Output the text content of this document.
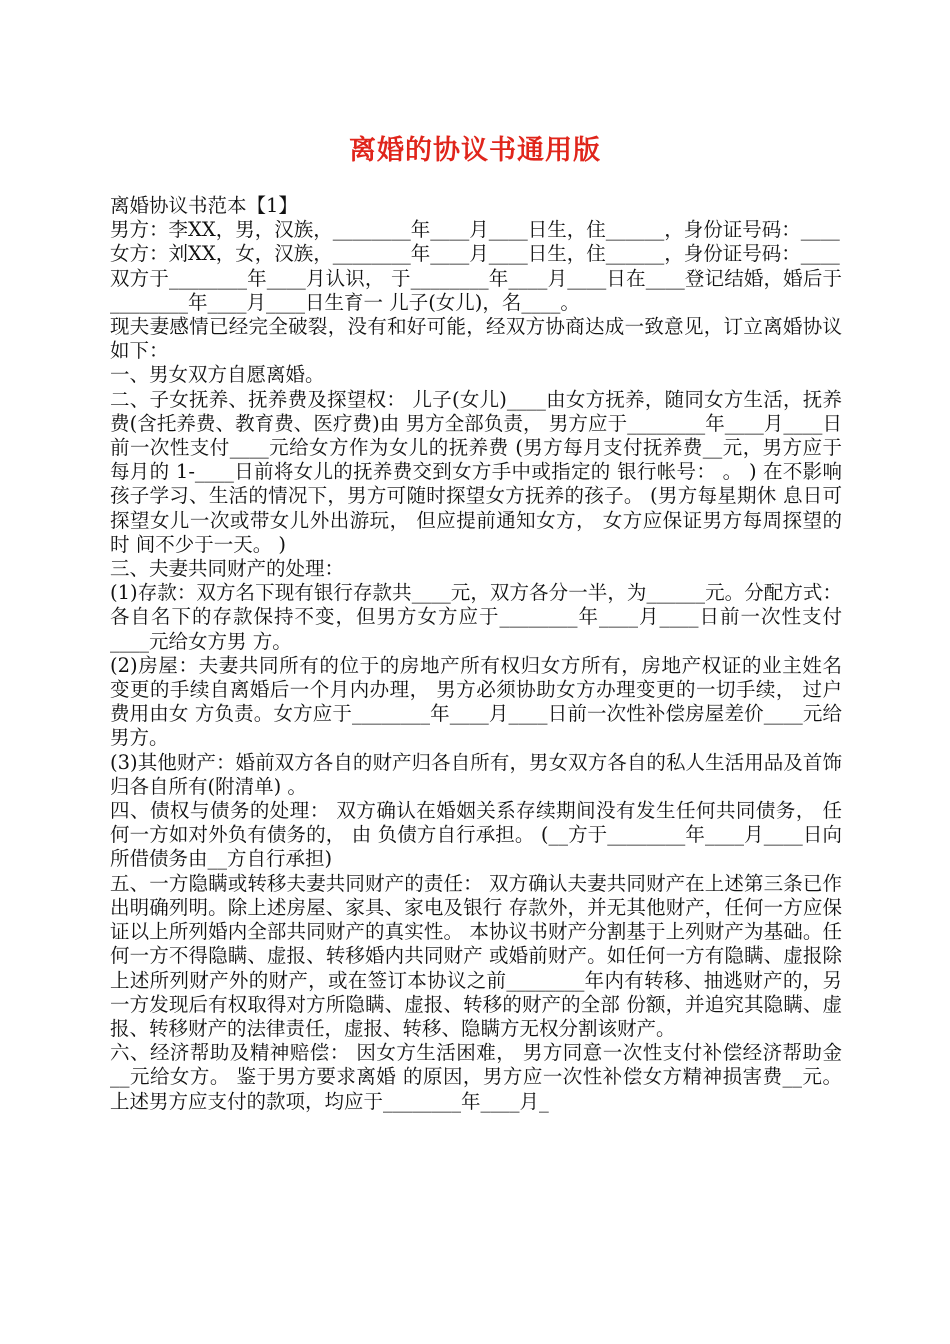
离婚的协议书通用版

离婚协议书范本【1】

男方：李XX，男，汉族，________年____月____日生，住______，身份证号码：____

女方：刘XX，女，汉族，________年____月____日生，住______，身份证号码：____

双方于________年____月认识， 于________年____月____日在____登记结婚，婚后于________年____月____日生育一 儿子(女儿)，名____。

现夫妻感情已经完全破裂，没有和好可能，经双方协商达成一致意见，订立离婚协议如下：

一、男女双方自愿离婚。

二、子女抚养、抚养费及探望权： 儿子(女儿)____由女方抚养，随同女方生活，抚养费(含托养费、教育费、医疗费)由 男方全部负责， 男方应于________年____月____日前一次性支付____元给女方作为女儿的抚养费 (男方每月支付抚养费__元，男方应于每月的 1-____日前将女儿的抚养费交到女方手中或指定的 银行帐号： 。 ) 在不影响孩子学习、生活的情况下，男方可随时探望女方抚养的孩子。 (男方每星期休 息日可探望女儿一次或带女儿外出游玩， 但应提前通知女方， 女方应保证男方每周探望的时 间不少于一天。 )

三、夫妻共同财产的处理：

(1)存款：双方名下现有银行存款共____元，双方各分一半，为______元。分配方式： 各自名下的存款保持不变，但男方女方应于________年____月____日前一次性支付____元给女方男 方。

(2)房屋：夫妻共同所有的位于的房地产所有权归女方所有，房地产权证的业主姓名 变更的手续自离婚后一个月内办理， 男方必须协助女方办理变更的一切手续， 过户费用由女 方负责。女方应于________年____月____日前一次性补偿房屋差价____元给男方。

(3)其他财产：婚前双方各自的财产归各自所有，男女双方各自的私人生活用品及首饰 归各自所有(附清单) 。

四、债权与债务的处理： 双方确认在婚姻关系存续期间没有发生任何共同债务， 任何一方如对外负有债务的， 由 负债方自行承担。 (__方于________年____月____日向所借债务由__方自行承担)

五、一方隐瞒或转移夫妻共同财产的责任： 双方确认夫妻共同财产在上述第三条已作出明确列明。除上述房屋、家具、家电及银行 存款外，并无其他财产，任何一方应保证以上所列婚内全部共同财产的真实性。 本协议书财产分割基于上列财产为基础。任何一方不得隐瞒、虚报、转移婚内共同财产 或婚前财产。如任何一方有隐瞒、虚报除上述所列财产外的财产，或在签订本协议之前________年内有转移、抽逃财产的，另一方发现后有权取得对方所隐瞒、虚报、转移的财产的全部 份额，并追究其隐瞒、虚报、转移财产的法律责任，虚报、转移、隐瞒方无权分割该财产。

六、经济帮助及精神赔偿： 因女方生活困难， 男方同意一次性支付补偿经济帮助金__元给女方。 鉴于男方要求离婚 的原因，男方应一次性补偿女方精神损害费__元。上述男方应支付的款项，均应于________年____月_
